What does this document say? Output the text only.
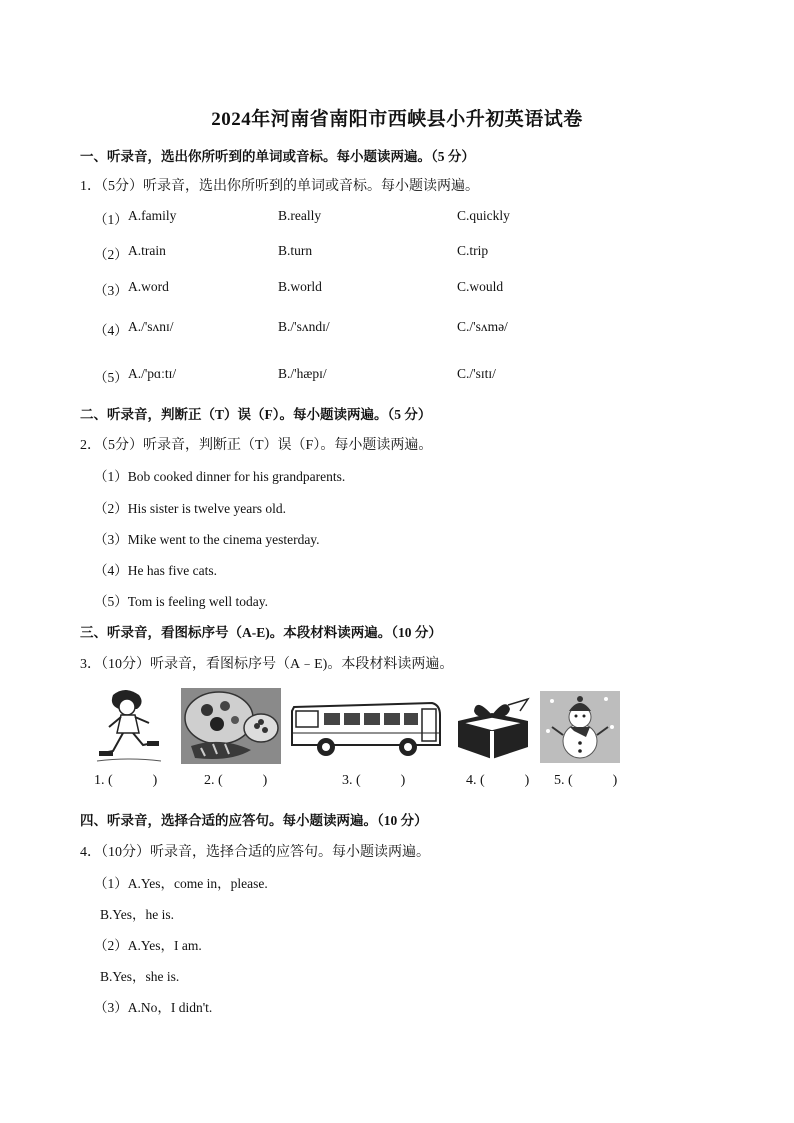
2024年河南省南阳市西峡县小升初英语试卷
一、听录音，选出你所听到的单词或音标。每小题读两遍。（5 分）
1．（5分）听录音，选出你所听到的单词或音标。每小题读两遍。
（1） A.family	B.really	C.quickly
（2） A.train	B.turn	C.trip
（3） A.word	B.world	C.would
（4） A./'sʌnɪ/	B./'sʌndɪ/	C./'sʌmə/
（5） A./'pɑːtɪ/	B./'hæpɪ/	C./'sɪtɪ/
二、听录音，判断正（T）误（F）。每小题读两遍。（5 分）
2．（5分）听录音，判断正（T）误（F）。每小题读两遍。
（1）Bob cooked dinner for his grandparents.
（2）His sister is twelve years old.
（3）Mike went to the cinema yesterday.
（4）He has five cats.
（5）Tom is feeling well today.
三、听录音，看图标序号（A-E)。本段材料读两遍。（10 分）
3．（10分）听录音，看图标序号（A﹣E)。本段材料读两遍。
1. (	)	2. (	)	3. (	)	4. (	) 5. (	)
四、听录音，选择合适的应答句。每小题读两遍。（10 分）
4．（10分）听录音，选择合适的应答句。每小题读两遍。
（1）A.Yes，come in，please.
B.Yes，he is.
（2）A.Yes，I am.
B.Yes，she is.
（3）A.No，I didn't.
